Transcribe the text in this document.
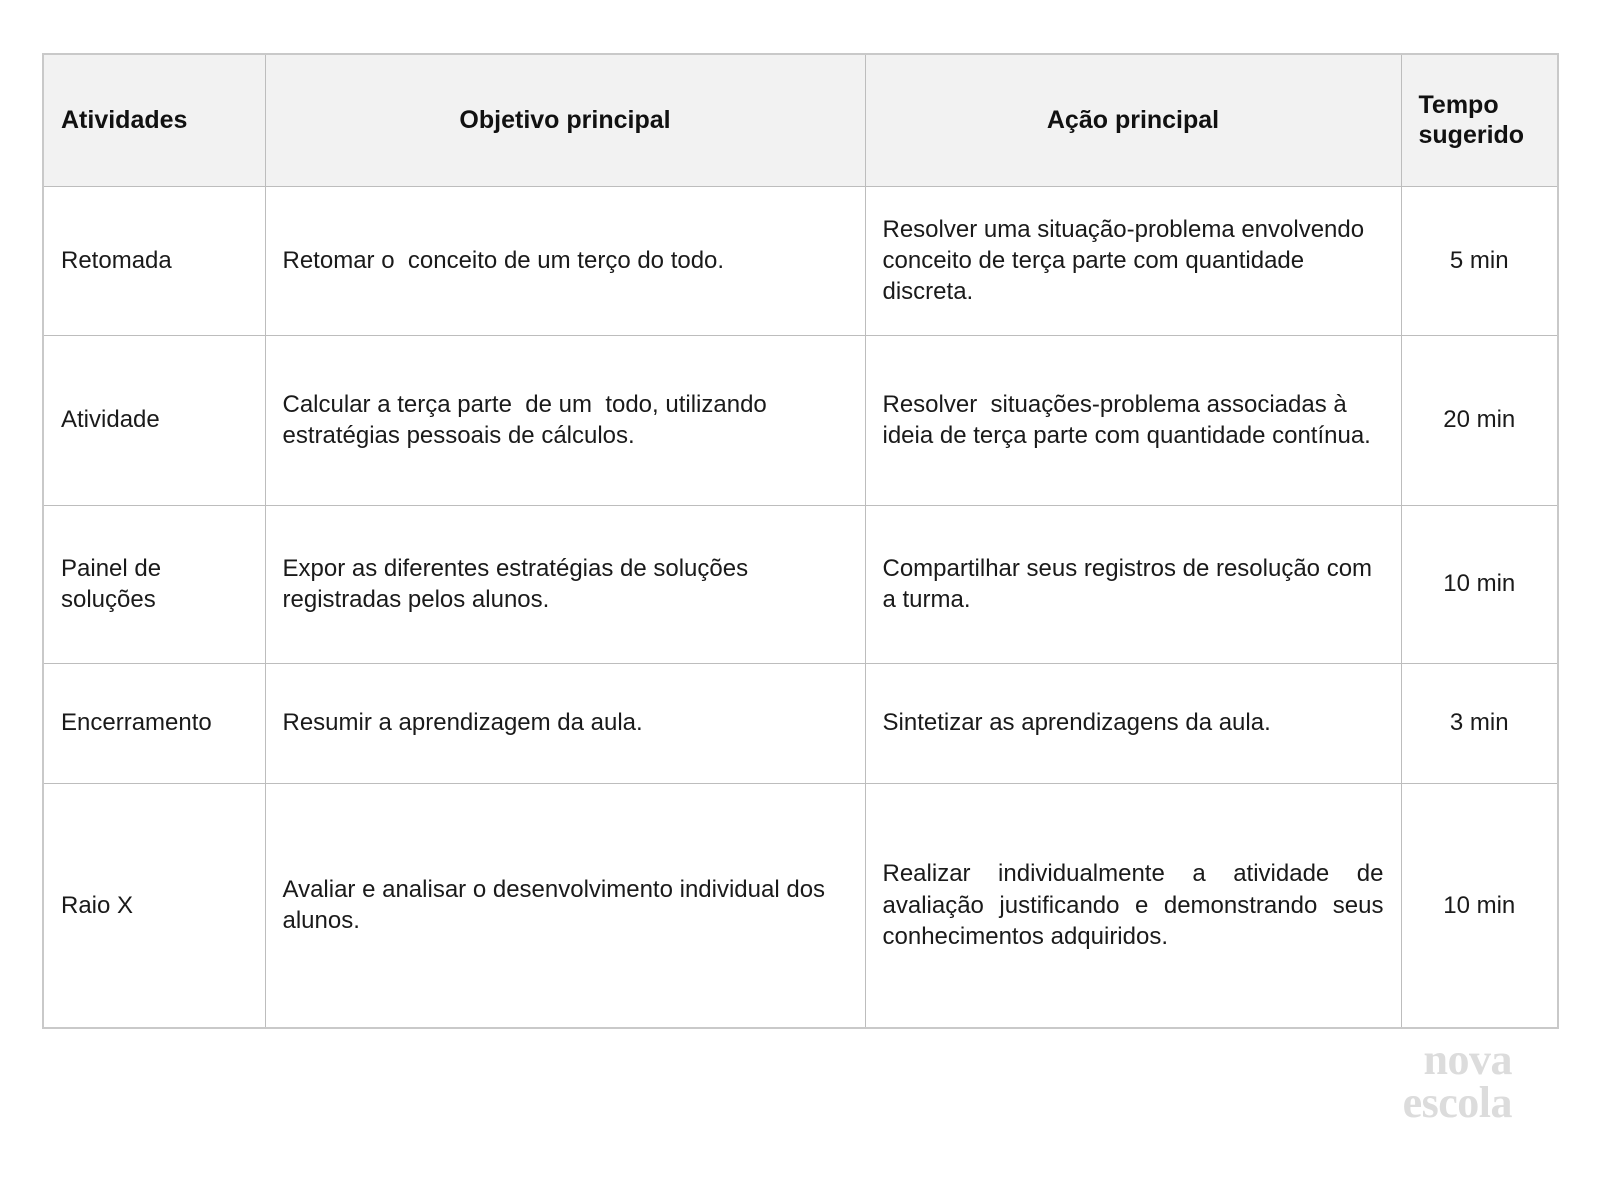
Atividades	Objetivo principal	Ação principal	Tempo sugerido
Retomada	Retomar o  conceito de um terço do todo.	Resolver uma situação-problema envolvendo conceito de terça parte com quantidade discreta.	5 min
Atividade	Calcular a terça parte  de um  todo, utilizando estratégias pessoais de cálculos.	Resolver  situações-problema associadas à ideia de terça parte com quantidade contínua.	20 min
Painel de soluções	Expor as diferentes estratégias de soluções registradas pelos alunos.	Compartilhar seus registros de resolução com a turma.	10 min
Encerramento	Resumir a aprendizagem da aula.	Sintetizar as aprendizagens da aula.	3 min
Raio X	Avaliar e analisar o desenvolvimento individual dos alunos.	Realizar individualmente a atividade de avaliação justificando e demonstrando seus conhecimentos adquiridos.	10 min
nova
escola
